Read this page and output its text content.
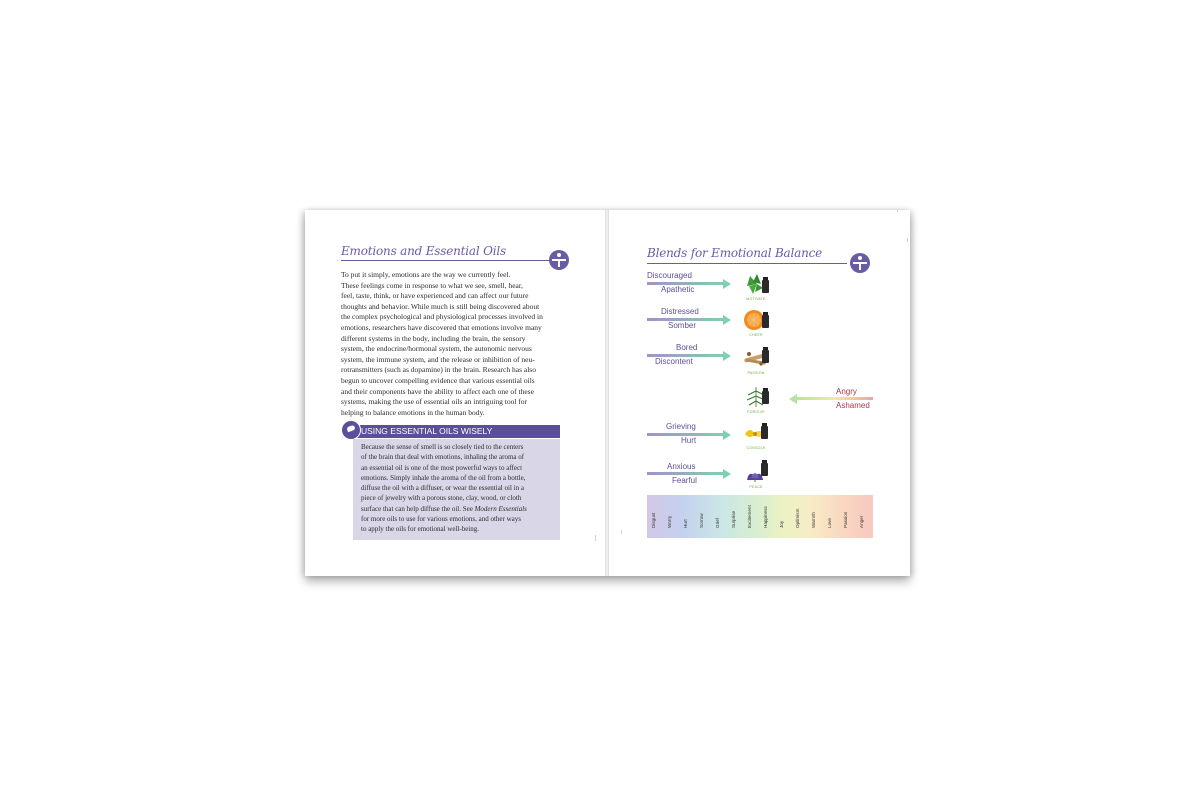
Emotions and Essential Oils
To put it simply, emotions are the way we currently feel.
These feelings come in response to what we see, smell, hear,
feel, taste, think, or have experienced and can affect our future
thoughts and behavior. While much is still being discovered about
the complex psychological and physiological processes involved in
emotions, researchers have discovered that emotions involve many
different systems in the body, including the brain, the sensory
system, the endocrine/hormonal system, the autonomic nervous
system, the immune system, and the release or inhibition of neu-
rotransmitters (such as dopamine) in the brain. Research has also
begun to uncover compelling evidence that various essential oils
and their components have the ability to affect each one of these
systems, making the use of essential oils an intriguing tool for
helping to balance emotions in the human body.
USING ESSENTIAL OILS WISELY
Because the sense of smell is so closely tied to the centers
of the brain that deal with emotions, inhaling the aroma of
an essential oil is one of the most powerful ways to affect
emotions. Simply inhale the aroma of the oil from a bottle,
diffuse the oil with a diffuser, or wear the essential oil in a
piece of jewelry with a porous stone, clay, wood, or cloth
surface that can help diffuse the oil. See Modern Essentials
for more oils to use for various emotions, and other ways
to apply the oils for emotional well-being.
Blends for Emotional Balance
Discouraged
Apathetic
MOTIVATE
Distressed
Somber
CHEER
Bored
Discontent
PASSION
FORGIVE
Angry
Ashamed
Grieving
Hurt
CONSOLE
Anxious
Fearful
PEACE
Disgust Worry Hurt Sorrow Grief Surprise Excitement Happiness Joy Optimism Warmth Love Passion Anger
